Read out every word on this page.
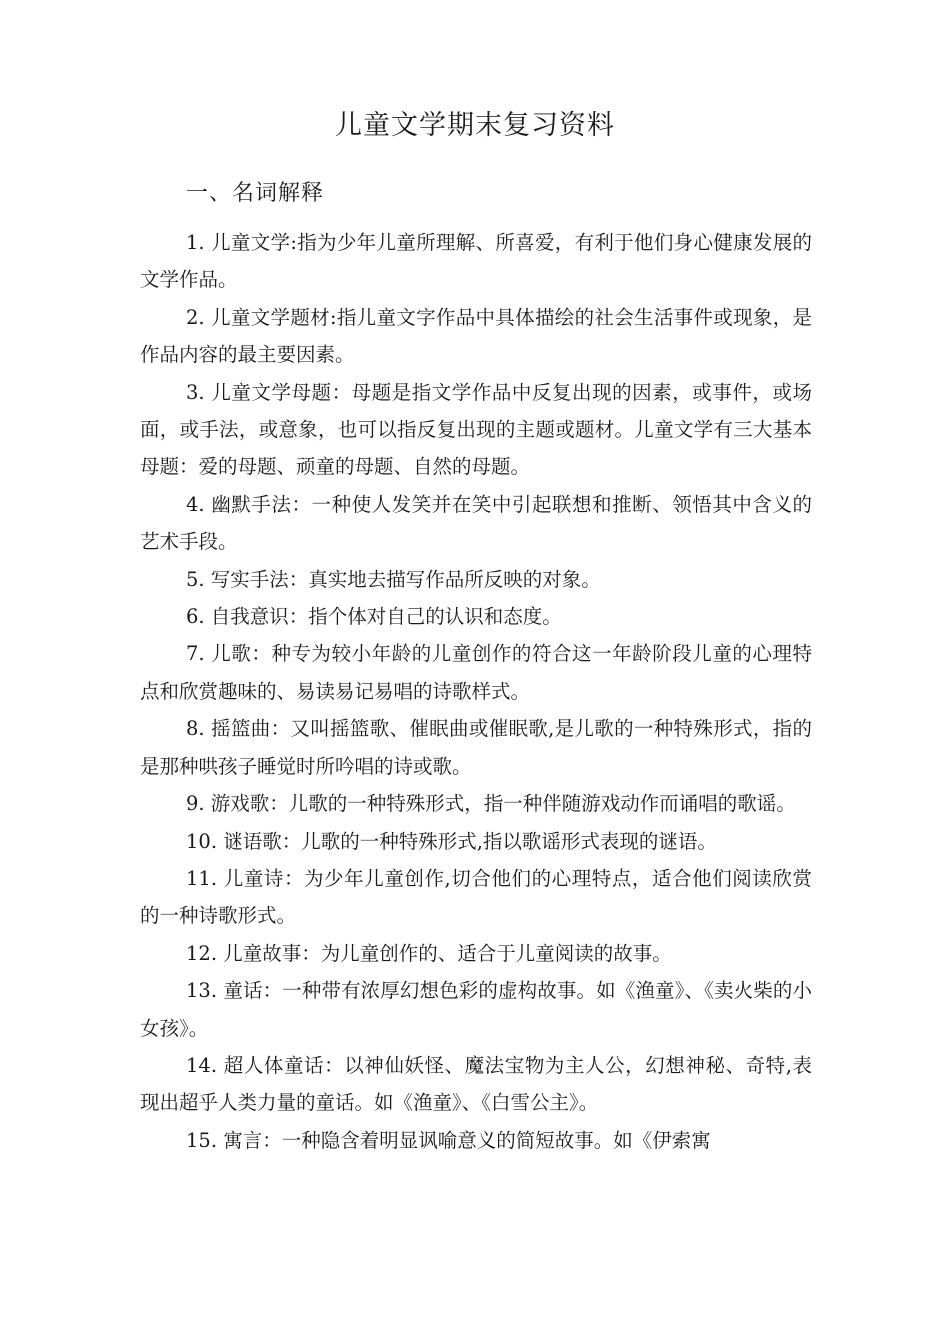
儿童文学期末复习资料
一、名词解释

1. 儿童文学:指为少年儿童所理解、所喜爱，有利于他们身心健康发展的文学作品。

2. 儿童文学题材:指儿童文字作品中具体描绘的社会生活事件或现象，是作品内容的最主要因素。

3. 儿童文学母题：母题是指文学作品中反复出现的因素，或事件，或场面，或手法，或意象，也可以指反复出现的主题或题材。儿童文学有三大基本母题：爱的母题、顽童的母题、自然的母题。

4. 幽默手法：一种使人发笑并在笑中引起联想和推断、领悟其中含义的艺术手段。

5. 写实手法：真实地去描写作品所反映的对象。

6. 自我意识：指个体对自己的认识和态度。

7. 儿歌：种专为较小年龄的儿童创作的符合这一年龄阶段儿童的心理特点和欣赏趣味的、易读易记易唱的诗歌样式。

8. 摇篮曲：又叫摇篮歌、催眠曲或催眠歌,是儿歌的一种特殊形式，指的是那种哄孩子睡觉时所吟唱的诗或歌。

9. 游戏歌：儿歌的一种特殊形式，指一种伴随游戏动作而诵唱的歌谣。

10. 谜语歌：儿歌的一种特殊形式,指以歌谣形式表现的谜语。

11. 儿童诗：为少年儿童创作,切合他们的心理特点，适合他们阅读欣赏的一种诗歌形式。

12. 儿童故事：为儿童创作的、适合于儿童阅读的故事。

13. 童话：一种带有浓厚幻想色彩的虚构故事。如《渔童》、《卖火柴的小女孩》。

14. 超人体童话：以神仙妖怪、魔法宝物为主人公，幻想神秘、奇特,表现出超乎人类力量的童话。如《渔童》、《白雪公主》。

15. 寓言：一种隐含着明显讽喻意义的简短故事。如《伊索寓
